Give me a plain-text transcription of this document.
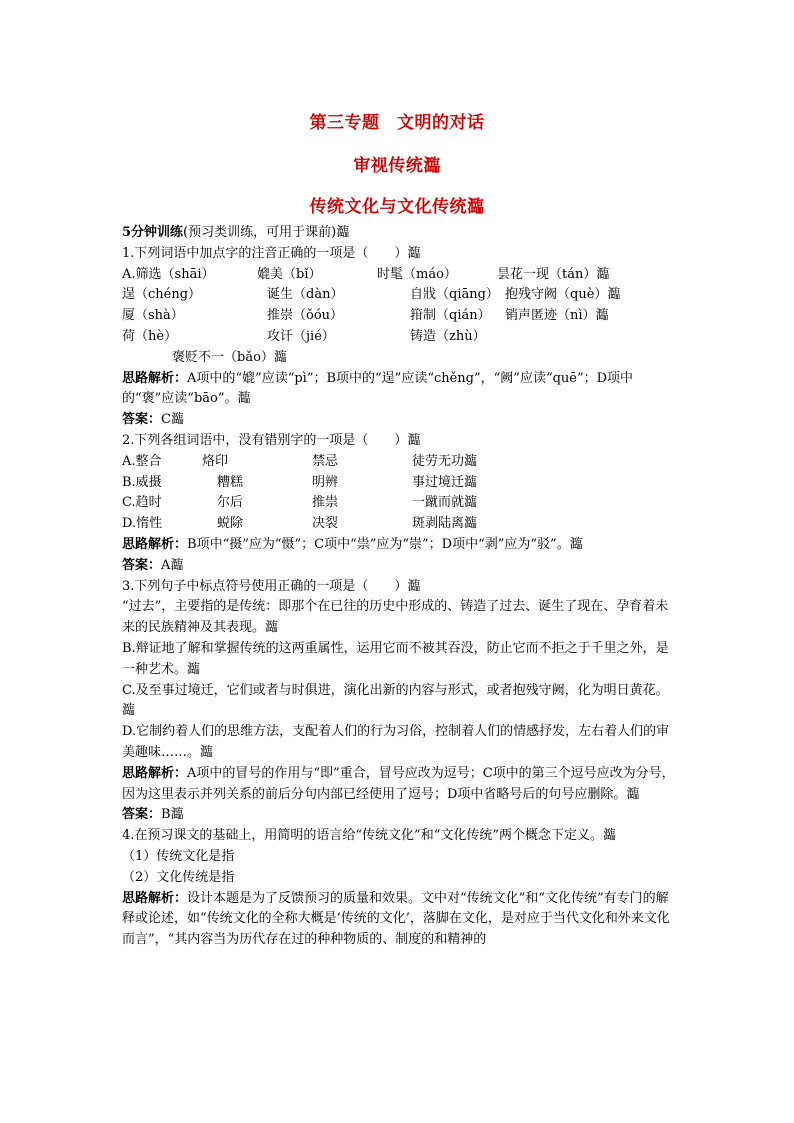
第三专题　文明的对话
审视传统瀶
传统文化与文化传统瀶
5分钟训练(预习类训练，可用于课前)瀶
1.下列词语中加点字的注音正确的一项是（　　）瀶
A.筛选（shāi）	媲美（bǐ）	时髦（máo）	昙花一现（tán）瀶
逞（chéng）	诞生（dàn）	自戕（qiāng） 抱残守阙（què）瀶
厦（shà）	推崇（ǒóu）	箝制（qián）	销声匿迹（nì）瀶
荷（hè）	攻讦（jié）	铸造（zhù）
褒贬不一（bǎo）瀶
思路解析：A项中的“媲”应读“pì”；B项中的“逞”应读“chěng”，“阙”应读“quē”；D项中的“褒”应读“bāo”。瀶
答案：C瀶
2.下列各组词语中，没有错别字的一项是（　　）瀶
A.整合	烙印	禁忌	徒劳无功瀶
B.威摄	糟糕	明辨	事过境迁瀶
C.趋时	尔后	推祟	一蹴而就瀶
D.惰性	蜕除	决裂	斑剥陆离瀶
思路解析：B项中“摄”应为“慑”；C项中“祟”应为“崇”；D项中“剥”应为“驳”。瀶
答案：A瀶
3.下列句子中标点符号使用正确的一项是（　　）瀶
“过去”，主要指的是传统：即那个在已往的历史中形成的、铸造了过去、诞生了现在、孕育着未来的民族精神及其表现。瀶
B.辩证地了解和掌握传统的这两重属性，运用它而不被其吞没，防止它而不拒之于千里之外，是一种艺术。瀶
C.及至事过境迁，它们或者与时俱进，演化出新的内容与形式，或者抱残守阙，化为明日黄花。瀶
D.它制约着人们的思维方法，支配着人们的行为习俗，控制着人们的情感抒发，左右着人们的审美趣味……。瀶
思路解析：A项中的冒号的作用与“即”重合，冒号应改为逗号；C项中的第三个逗号应改为分号，因为这里表示并列关系的前后分句内部已经使用了逗号；D项中省略号后的句号应删除。瀶
答案：B瀶
4.在预习课文的基础上，用简明的语言给“传统文化”和“文化传统”两个概念下定义。瀶
（1）传统文化是指
（2）文化传统是指
思路解析：设计本题是为了反馈预习的质量和效果。文中对“传统文化”和“文化传统”有专门的解释或论述，如“传统文化的全称大概是‘传统的文化’，落脚在文化，是对应于当代文化和外来文化而言”，“其内容当为历代存在过的种种物质的、制度的和精神的
